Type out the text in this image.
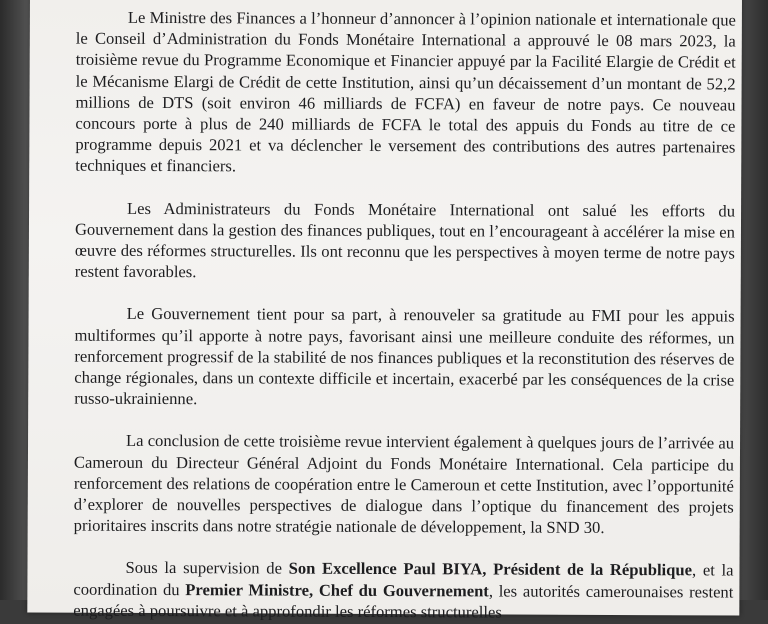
Le Ministre des Finances a l’honneur d’annoncer à l’opinion nationale et internationale que le Conseil d’Administration du Fonds Monétaire International a approuvé le 08 mars 2023, la troisième revue du Programme Economique et Financier appuyé par la Facilité Elargie de Crédit et le Mécanisme Elargi de Crédit de cette Institution, ainsi qu’un décaissement d’un montant de 52,2 millions de DTS (soit environ 46 milliards de FCFA) en faveur de notre pays. Ce nouveau concours porte à plus de 240 milliards de FCFA le total des appuis du Fonds au titre de ce programme depuis 2021 et va déclencher le versement des contributions des autres partenaires techniques et financiers.

Les Administrateurs du Fonds Monétaire International ont salué les efforts du Gouvernement dans la gestion des finances publiques, tout en l’encourageant à accélérer la mise en œuvre des réformes structurelles. Ils ont reconnu que les perspectives à moyen terme de notre pays restent favorables.

Le Gouvernement tient pour sa part, à renouveler sa gratitude au FMI pour les appuis multiformes qu’il apporte à notre pays, favorisant ainsi une meilleure conduite des réformes, un renforcement progressif de la stabilité de nos finances publiques et la reconstitution des réserves de change régionales, dans un contexte difficile et incertain, exacerbé par les conséquences de la crise russo-ukrainienne.

La conclusion de cette troisième revue intervient également à quelques jours de l’arrivée au Cameroun du Directeur Général Adjoint du Fonds Monétaire International. Cela participe du renforcement des relations de coopération entre le Cameroun et cette Institution, avec l’opportunité d’explorer de nouvelles perspectives de dialogue dans l’optique du financement des projets prioritaires inscrits dans notre stratégie nationale de développement, la SND 30.

Sous la supervision de Son Excellence Paul BIYA, Président de la République, et la coordination du Premier Ministre, Chef du Gouvernement, les autorités camerounaises restent engagées à poursuivre et à approfondir les réformes structurelles
